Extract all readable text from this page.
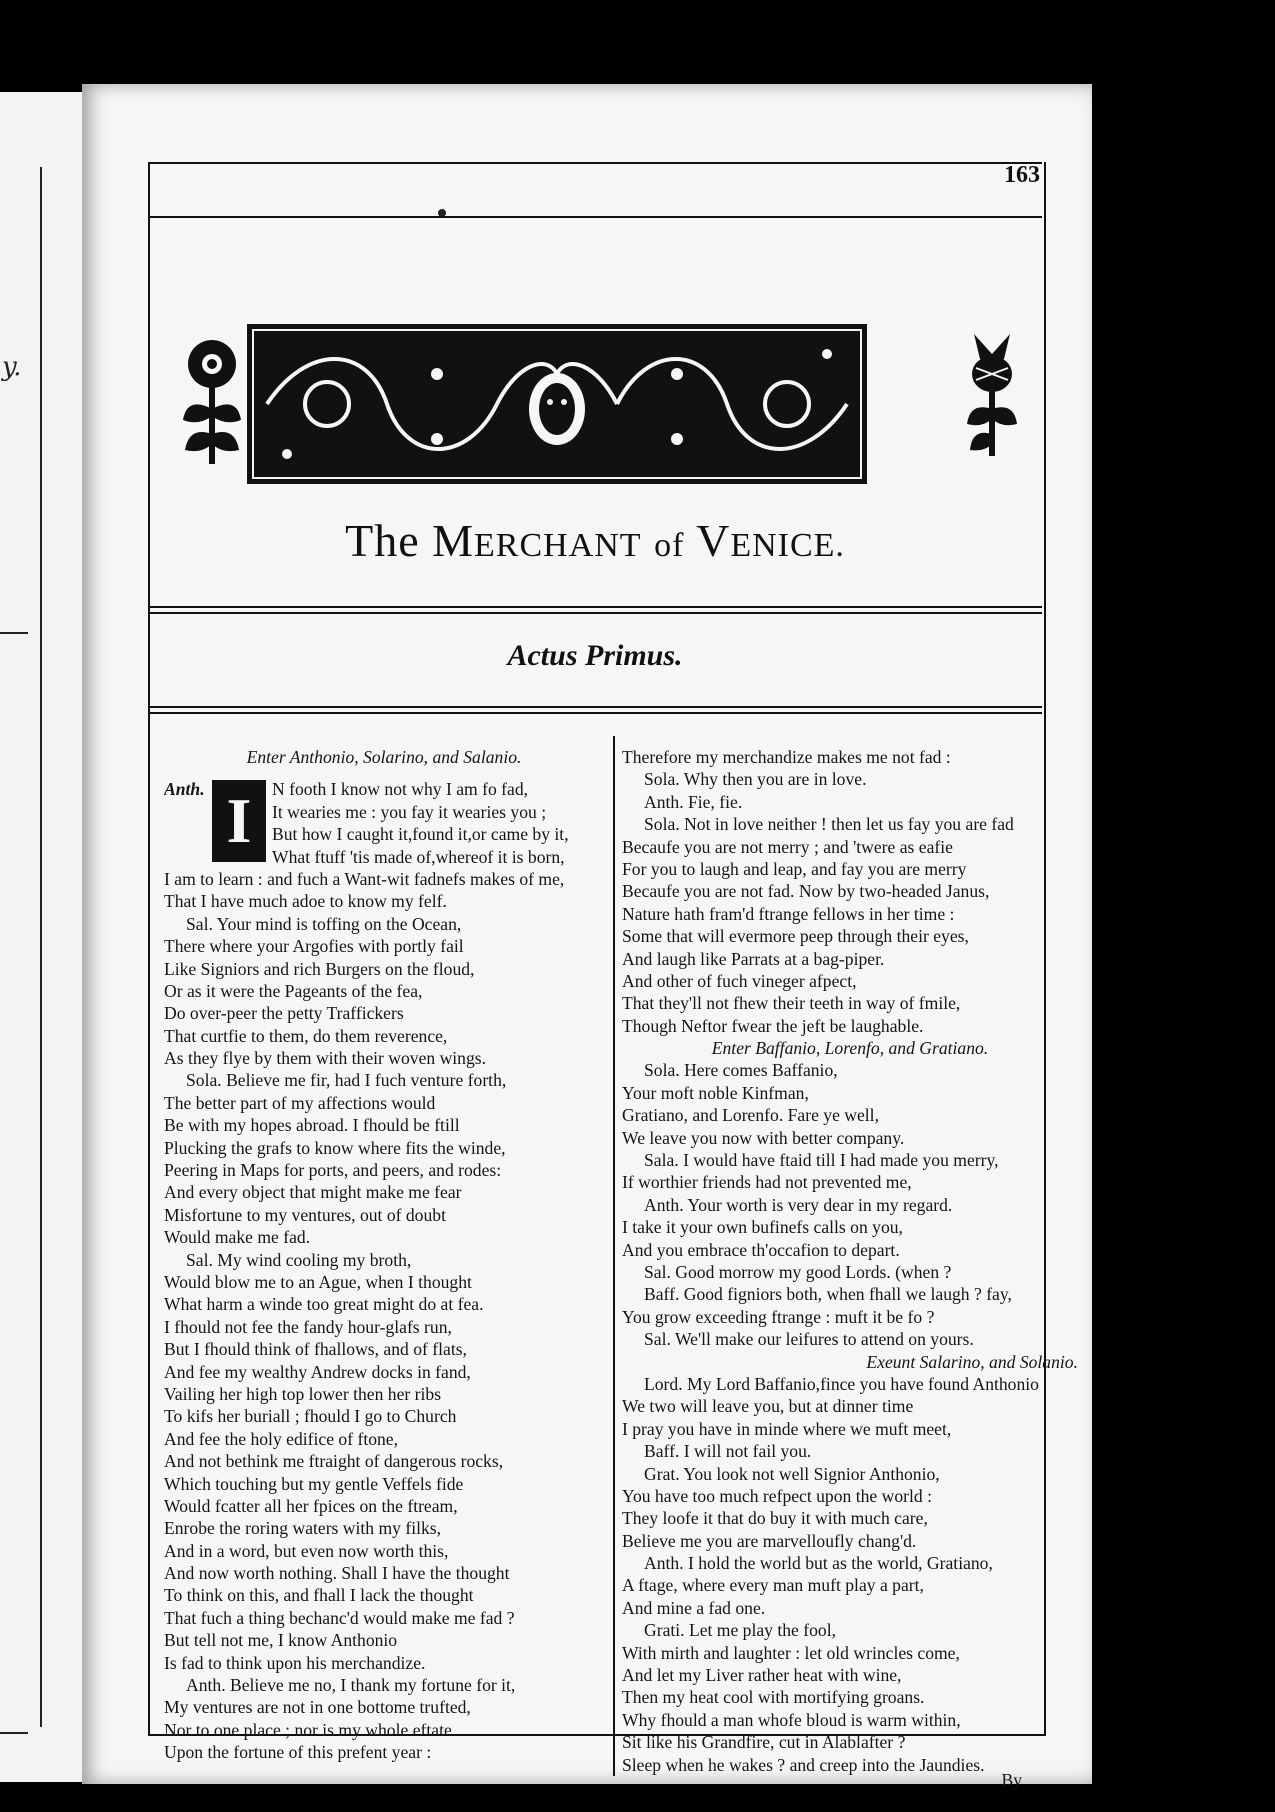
y.
163
The MERCHANT of VENICE.
Actus Primus.
Enter Anthonio, Solarino, and Salanio.
Anth. I	N footh I know not why I am fo fad,
It wearies me : you fay it wearies you ;
But how I caught it,found it,or came by it,
What ftuff 'tis made of,whereof it is born,
I am to learn : and fuch a Want-wit fadnefs makes of me,
That I have much adoe to know my felf.
Sal. Your mind is toffing on the Ocean,
There where your Argofies with portly fail
Like Signiors and rich Burgers on the floud,
Or as it were the Pageants of the fea,
Do over-peer the petty Traffickers
That curtfie to them, do them reverence,
As they flye by them with their woven wings.
Sola. Believe me fir, had I fuch venture forth,
The better part of my affections would
Be with my hopes abroad. I fhould be ftill
Plucking the grafs to know where fits the winde,
Peering in Maps for ports, and peers, and rodes:
And every object that might make me fear
Misfortune to my ventures, out of doubt
Would make me fad.
Sal. My wind cooling my broth,
Would blow me to an Ague, when I thought
What harm a winde too great might do at fea.
I fhould not fee the fandy hour-glafs run,
But I fhould think of fhallows, and of flats,
And fee my wealthy Andrew docks in fand,
Vailing her high top lower then her ribs
To kifs her buriall ; fhould I go to Church
And fee the holy edifice of ftone,
And not bethink me ftraight of dangerous rocks,
Which touching but my gentle Veffels fide
Would fcatter all her fpices on the ftream,
Enrobe the roring waters with my filks,
And in a word, but even now worth this,
And now worth nothing. Shall I have the thought
To think on this, and fhall I lack the thought
That fuch a thing bechanc'd would make me fad ?
But tell not me, I know Anthonio
Is fad to think upon his merchandize.
Anth. Believe me no, I thank my fortune for it,
My ventures are not in one bottome trufted,
Nor to one place ; nor is my whole eftate
Upon the fortune of this prefent year :
Therefore my merchandize makes me not fad :
Sola. Why then you are in love.
Anth. Fie, fie.
Sola. Not in love neither ! then let us fay you are fad
Becaufe you are not merry ; and 'twere as eafie
For you to laugh and leap, and fay you are merry
Becaufe you are not fad. Now by two-headed Janus,
Nature hath fram'd ftrange fellows in her time :
Some that will evermore peep through their eyes,
And laugh like Parrats at a bag-piper.
And other of fuch vineger afpect,
That they'll not fhew their teeth in way of fmile,
Though Neftor fwear the jeft be laughable.
Enter Baffanio, Lorenfo, and Gratiano.
Sola. Here comes Baffanio,
Your moft noble Kinfman,
Gratiano, and Lorenfo. Fare ye well,
We leave you now with better company.
Sala. I would have ftaid till I had made you merry,
If worthier friends had not prevented me,
Anth. Your worth is very dear in my regard.
I take it your own bufinefs calls on you,
And you embrace th'occafion to depart.
Sal. Good morrow my good Lords. (when ?
Baff. Good figniors both, when fhall we laugh ? fay,
You grow exceeding ftrange : muft it be fo ?
Sal. We'll make our leifures to attend on yours.
Exeunt Salarino, and Solanio.
Lord. My Lord Baffanio,fince you have found Anthonio
We two will leave you, but at dinner time
I pray you have in minde where we muft meet,
Baff. I will not fail you.
Grat. You look not well Signior Anthonio,
You have too much refpect upon the world :
They loofe it that do buy it with much care,
Believe me you are marvelloufly chang'd.
Anth. I hold the world but as the world, Gratiano,
A ftage, where every man muft play a part,
And mine a fad one.
Grati. Let me play the fool,
With mirth and laughter : let old wrincles come,
And let my Liver rather heat with wine,
Then my heat cool with mortifying groans.
Why fhould a man whofe bloud is warm within,
Sit like his Grandfire, cut in Alablafter ?
Sleep when he wakes ? and creep into the Jaundies.
By
